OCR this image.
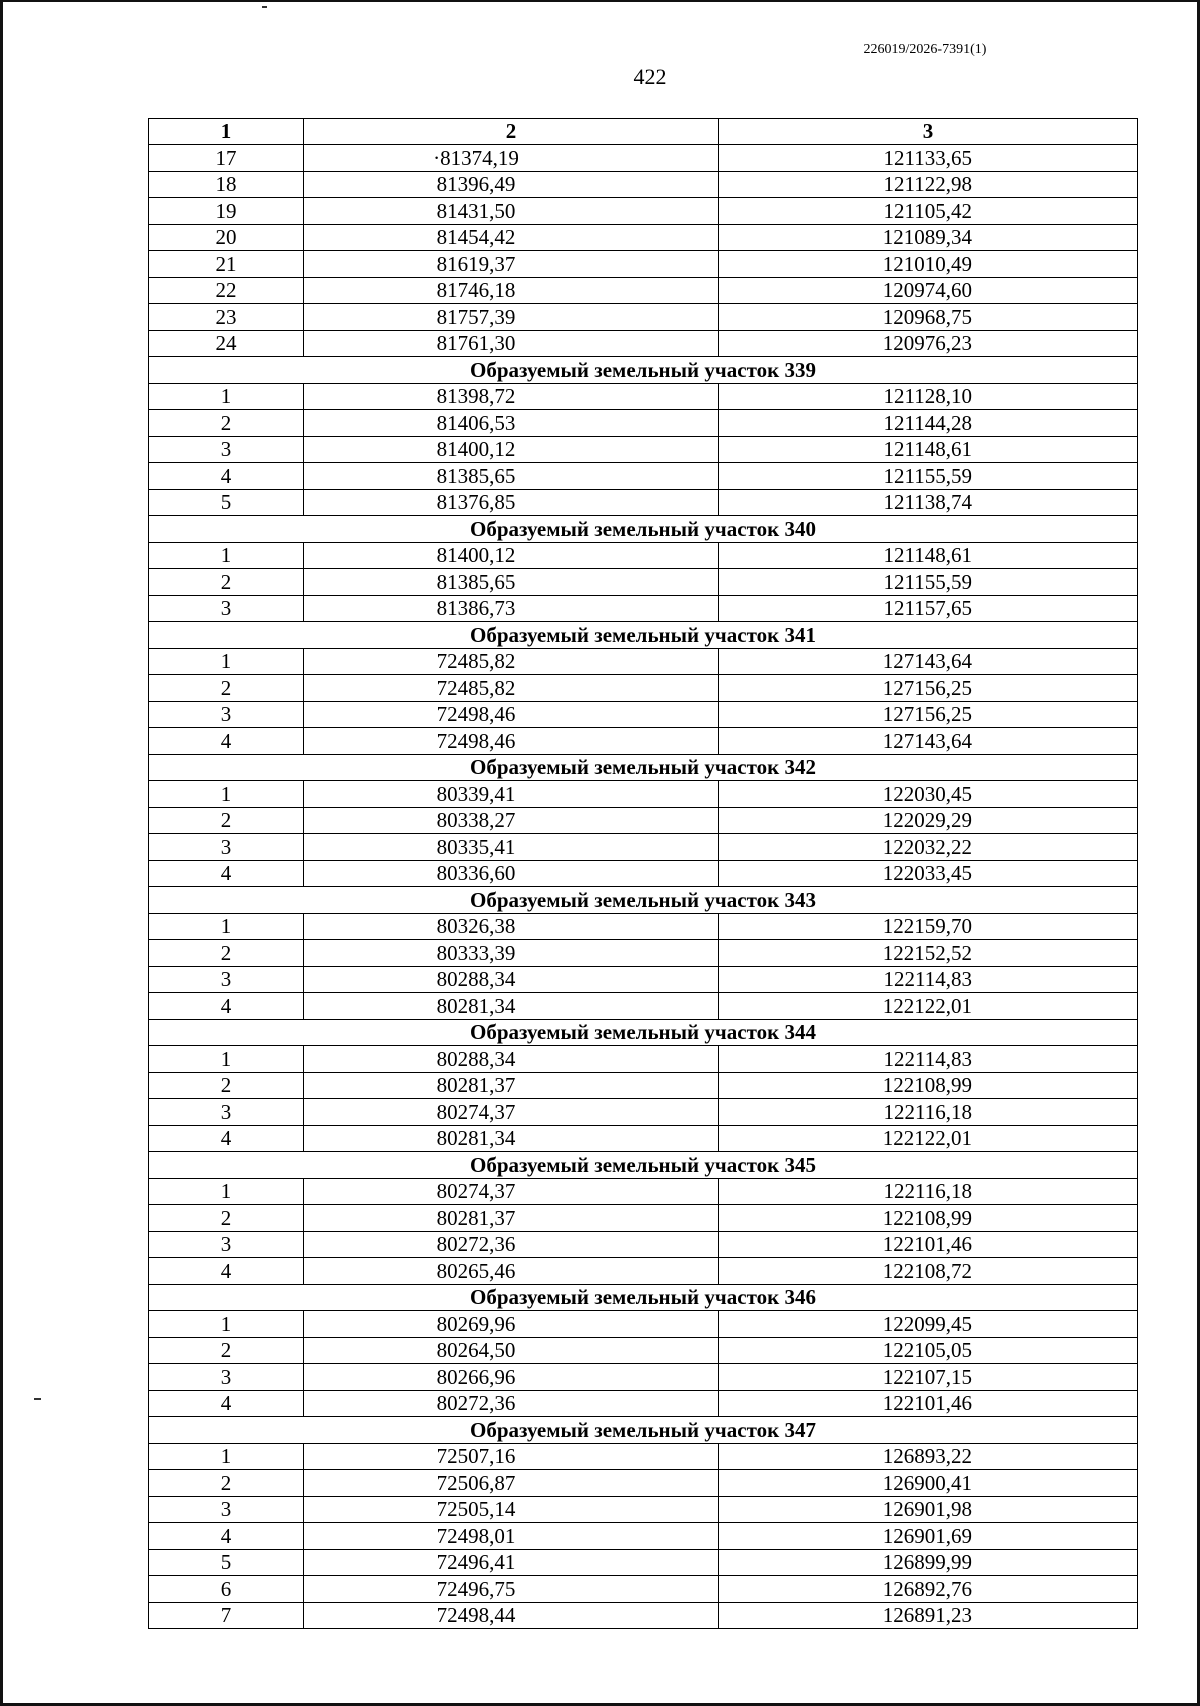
226019/2026-7391(1)
422
1	2	3
17	·81374,19	121133,65
18	81396,49	121122,98
19	81431,50	121105,42
20	81454,42	121089,34
21	81619,37	121010,49
22	81746,18	120974,60
23	81757,39	120968,75
24	81761,30	120976,23
Образуемый земельный участок 339		
1	81398,72	121128,10
2	81406,53	121144,28
3	81400,12	121148,61
4	81385,65	121155,59
5	81376,85	121138,74
Образуемый земельный участок 340		
1	81400,12	121148,61
2	81385,65	121155,59
3	81386,73	121157,65
Образуемый земельный участок 341		
1	72485,82	127143,64
2	72485,82	127156,25
3	72498,46	127156,25
4	72498,46	127143,64
Образуемый земельный участок 342		
1	80339,41	122030,45
2	80338,27	122029,29
3	80335,41	122032,22
4	80336,60	122033,45
Образуемый земельный участок 343		
1	80326,38	122159,70
2	80333,39	122152,52
3	80288,34	122114,83
4	80281,34	122122,01
Образуемый земельный участок 344		
1	80288,34	122114,83
2	80281,37	122108,99
3	80274,37	122116,18
4	80281,34	122122,01
Образуемый земельный участок 345		
1	80274,37	122116,18
2	80281,37	122108,99
3	80272,36	122101,46
4	80265,46	122108,72
Образуемый земельный участок 346		
1	80269,96	122099,45
2	80264,50	122105,05
3	80266,96	122107,15
4	80272,36	122101,46
Образуемый земельный участок 347		
1	72507,16	126893,22
2	72506,87	126900,41
3	72505,14	126901,98
4	72498,01	126901,69
5	72496,41	126899,99
6	72496,75	126892,76
7	72498,44	126891,23
